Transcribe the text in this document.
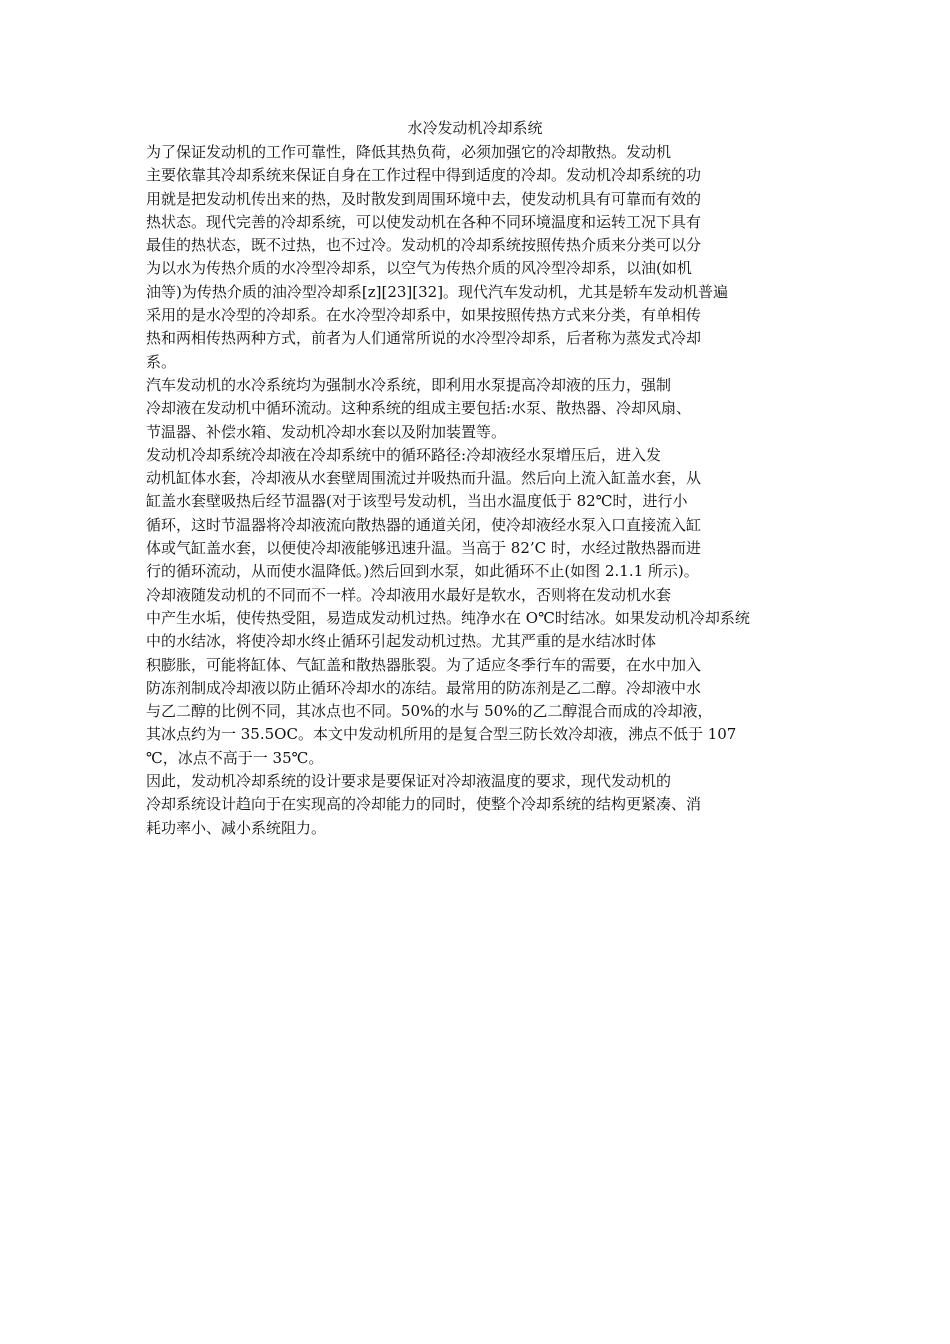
水冷发动机冷却系统
为了保证发动机的工作可靠性，降低其热负荷，必须加强它的冷却散热。发动机
主要依靠其冷却系统来保证自身在工作过程中得到适度的冷却。发动机冷却系统的功
用就是把发动机传出来的热，及时散发到周围环境中去，使发动机具有可靠而有效的
热状态。现代完善的冷却系统，可以使发动机在各种不同环境温度和运转工况下具有
最佳的热状态，既不过热，也不过冷。发动机的冷却系统按照传热介质来分类可以分
为以水为传热介质的水冷型冷却系，以空气为传热介质的风冷型冷却系，以油(如机
油等)为传热介质的油冷型冷却系[z][23][32]。现代汽车发动机，尤其是轿车发动机普遍
采用的是水冷型的冷却系。在水冷型冷却系中，如果按照传热方式来分类，有单相传
热和两相传热两种方式，前者为人们通常所说的水冷型冷却系，后者称为蒸发式冷却
系。
汽车发动机的水冷系统均为强制水冷系统，即利用水泵提高冷却液的压力，强制
冷却液在发动机中循环流动。这种系统的组成主要包括:水泵、散热器、冷却风扇、
节温器、补偿水箱、发动机冷却水套以及附加装置等。
发动机冷却系统冷却液在冷却系统中的循环路径:冷却液经水泵增压后，进入发
动机缸体水套，冷却液从水套壁周围流过并吸热而升温。然后向上流入缸盖水套，从
缸盖水套壁吸热后经节温器(对于该型号发动机，当出水温度低于 82℃时，进行小
循环，这时节温器将冷却液流向散热器的通道关闭，使冷却液经水泵入口直接流入缸
体或气缸盖水套，以便使冷却液能够迅速升温。当高于 82’C 时，水经过散热器而进
行的循环流动，从而使水温降低。)然后回到水泵，如此循环不止(如图 2.1.1 所示)。
冷却液随发动机的不同而不一样。冷却液用水最好是软水，否则将在发动机水套
中产生水垢，使传热受阻，易造成发动机过热。纯净水在 O℃时结冰。如果发动机冷却系统
中的水结冰，将使冷却水终止循环引起发动机过热。尤其严重的是水结冰时体
积膨胀，可能将缸体、气缸盖和散热器胀裂。为了适应冬季行车的需要，在水中加入
防冻剂制成冷却液以防止循环冷却水的冻结。最常用的防冻剂是乙二醇。冷却液中水
与乙二醇的比例不同，其冰点也不同。50%的水与 50%的乙二醇混合而成的冷却液，
其冰点约为一 35.5OC。本文中发动机所用的是复合型三防长效冷却液，沸点不低于 107
℃，冰点不高于一 35℃。
因此，发动机冷却系统的设计要求是要保证对冷却液温度的要求，现代发动机的
冷却系统设计趋向于在实现高的冷却能力的同时，使整个冷却系统的结构更紧凑、消
耗功率小、减小系统阻力。
